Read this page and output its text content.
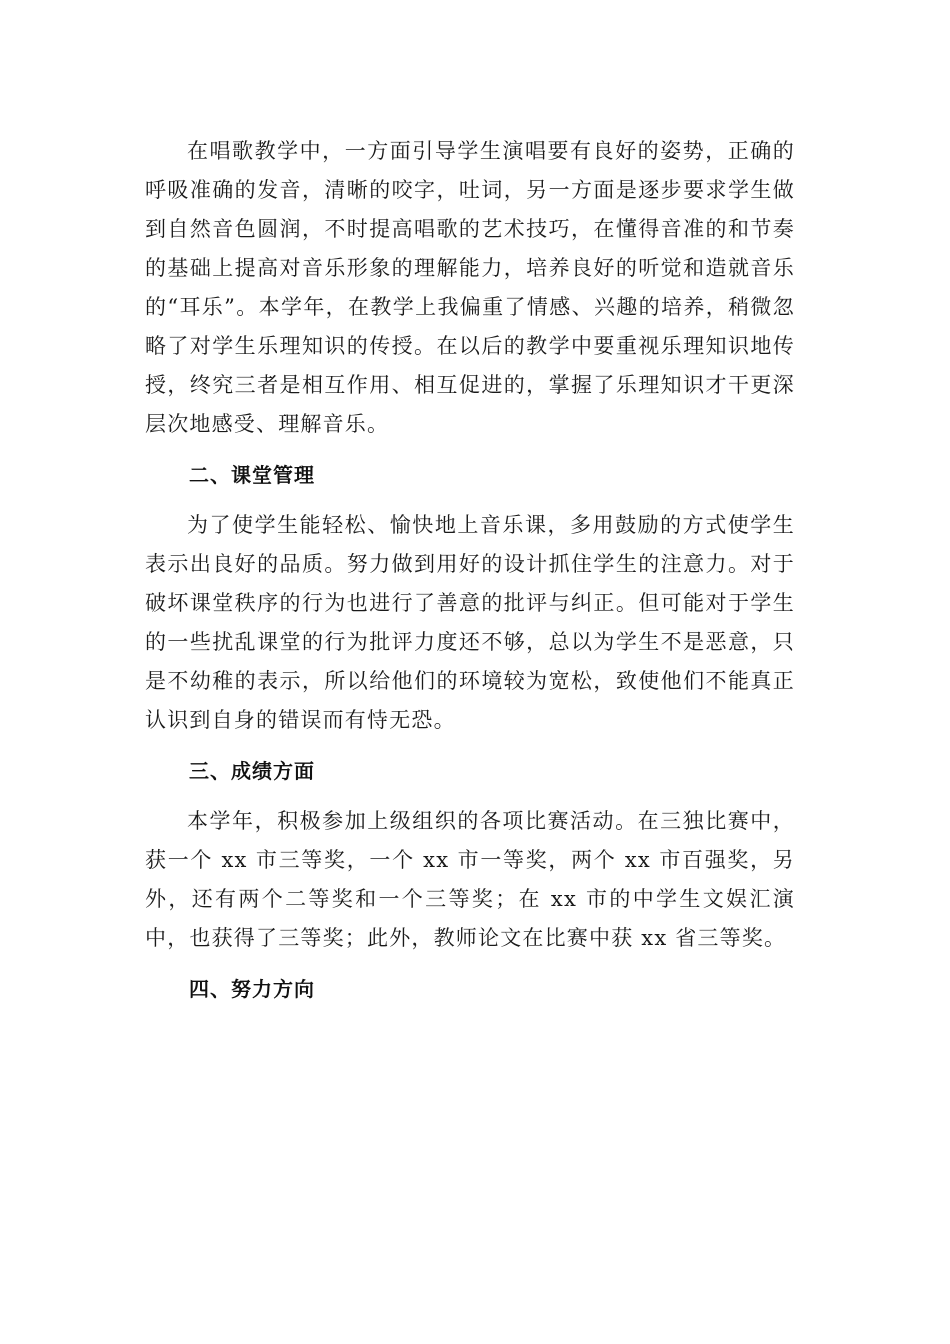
在唱歌教学中，一方面引导学生演唱要有良好的姿势，正确的呼吸准确的发音，清晰的咬字，吐词，另一方面是逐步要求学生做到自然音色圆润，不时提高唱歌的艺术技巧，在懂得音准的和节奏的基础上提高对音乐形象的理解能力，培养良好的听觉和造就音乐的“耳乐”。本学年，在教学上我偏重了情感、兴趣的培养，稍微忽略了对学生乐理知识的传授。在以后的教学中要重视乐理知识地传授，终究三者是相互作用、相互促进的，掌握了乐理知识才干更深层次地感受、理解音乐。

二、课堂管理

为了使学生能轻松、愉快地上音乐课，多用鼓励的方式使学生表示出良好的品质。努力做到用好的设计抓住学生的注意力。对于破坏课堂秩序的行为也进行了善意的批评与纠正。但可能对于学生的一些扰乱课堂的行为批评力度还不够，总以为学生不是恶意，只是不幼稚的表示，所以给他们的环境较为宽松，致使他们不能真正认识到自身的错误而有恃无恐。

三、成绩方面

本学年，积极参加上级组织的各项比赛活动。在三独比赛中，获一个 xx 市三等奖，一个 xx 市一等奖，两个 xx 市百强奖，另外，还有两个二等奖和一个三等奖；在 xx 市的中学生文娱汇演中，也获得了三等奖；此外，教师论文在比赛中获 xx 省三等奖。

四、努力方向
